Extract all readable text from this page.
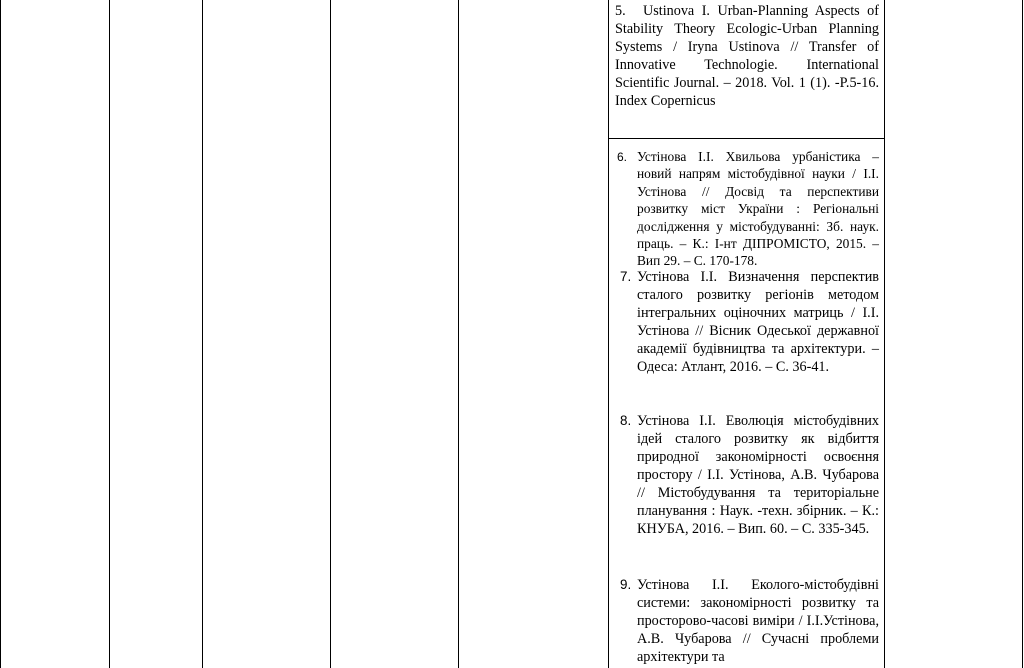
5.	Ustinova I. Urban-Planning Aspects of Stability Theory Ecologic-Urban Planning Systems / Iryna Ustinova // Transfer of Innovative Technologie. International Scientific Journal. – 2018. Vol. 1 (1). -P.5-16. Index Copernicus
6. Устінова І.І. Хвильова урбаністика – новий напрям містобудівної науки / І.І. Устінова // Досвід та перспективи розвитку міст України : Регіональні дослідження у містобудуванні: Зб. наук. праць. – К.: І-нт ДІПРОМІСТО, 2015. – Вип 29. – С. 170-178.
7. Устінова І.І. Визначення перспектив сталого розвитку регіонів методом інтегральних оціночних матриць / І.І. Устінова // Вісник Одеської державної академії будівництва та архітектури. – Одеса: Атлант, 2016. – С. 36-41.
8. Устінова І.І. Еволюція містобудівних ідей сталого розвитку як відбиття природної закономірності освоєння простору / І.І. Устінова, А.В. Чубарова // Містобудування та територіальне планування : Наук. -техн. збірник. – К.: КНУБА, 2016. – Вип. 60. – С. 335-345.
9. Устінова І.І. Еколого-містобудівні системи: закономірності розвитку та просторово-часові виміри / І.І.Устінова, А.В. Чубарова // Сучасні проблеми архітектури та
